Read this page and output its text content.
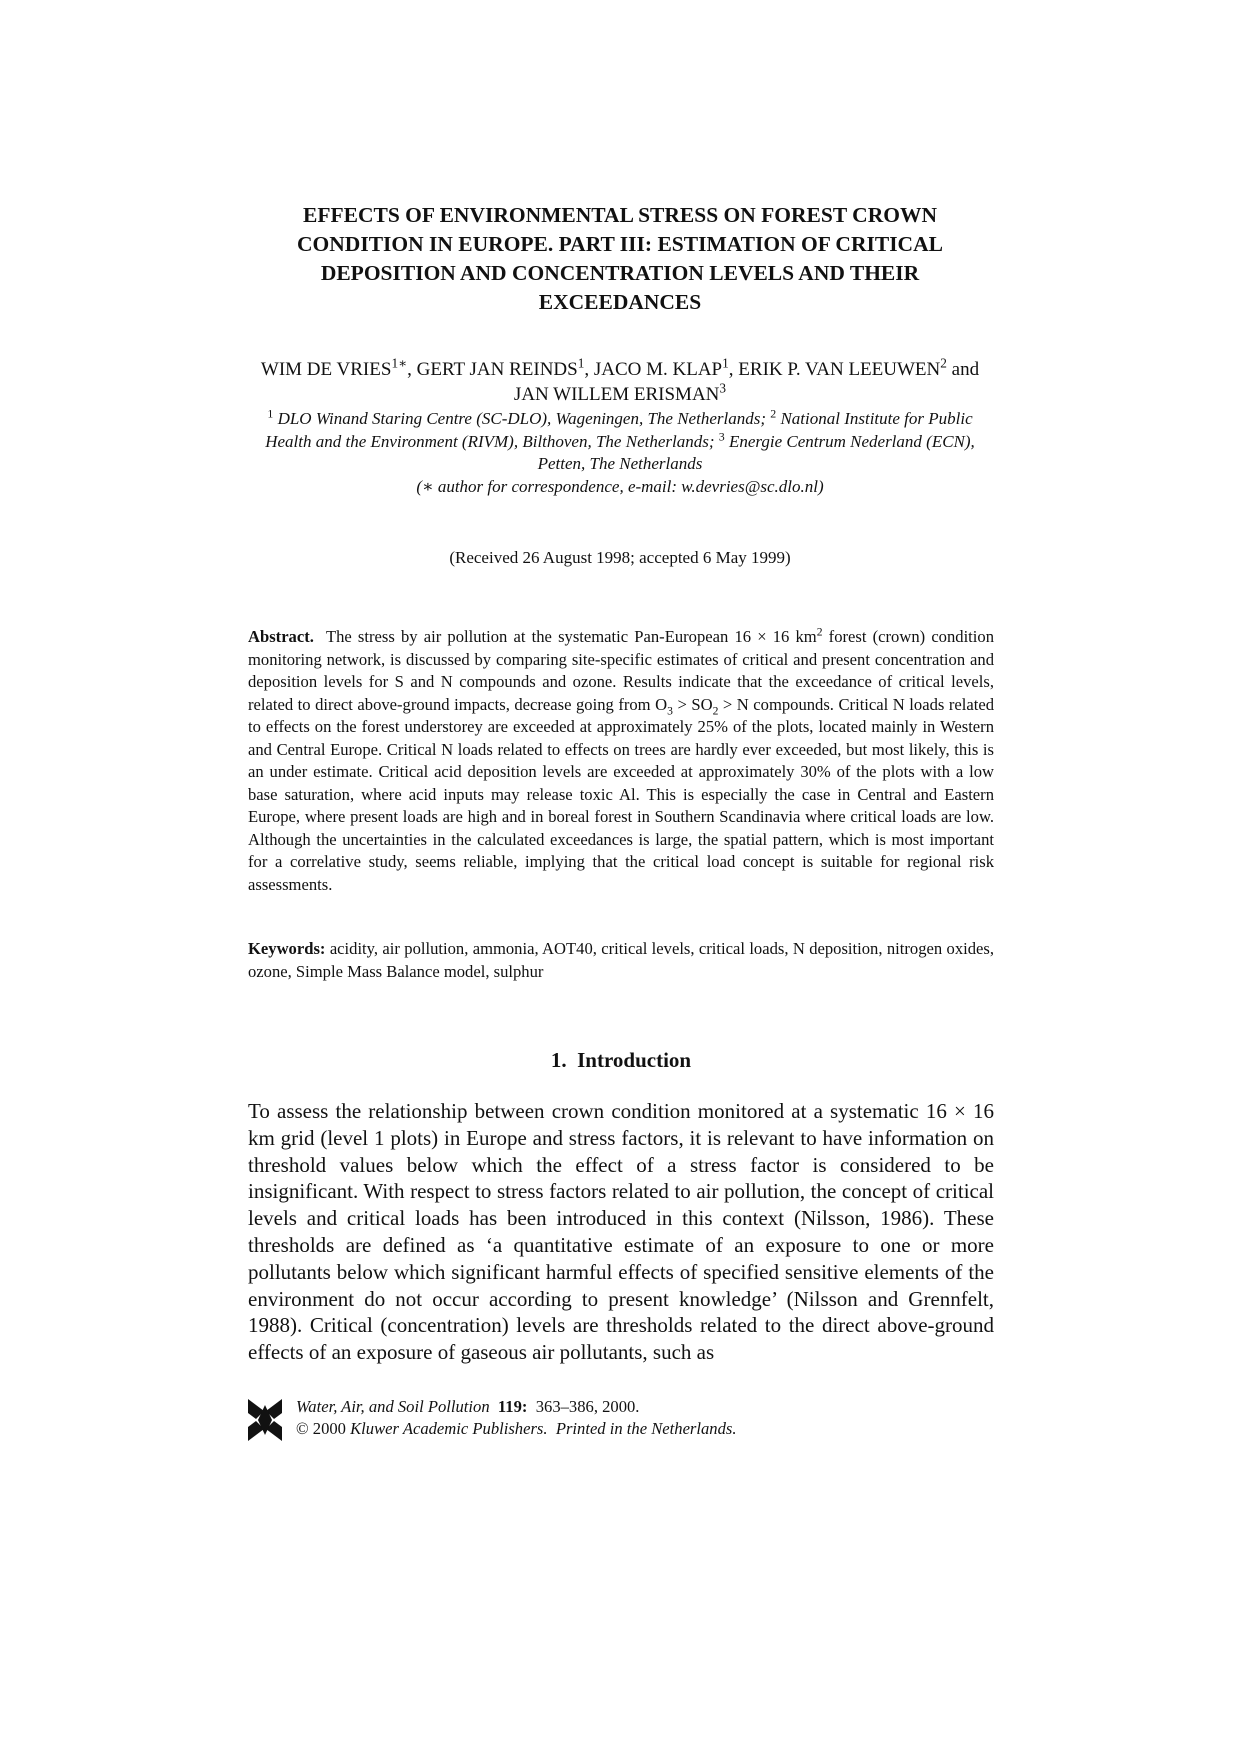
EFFECTS OF ENVIRONMENTAL STRESS ON FOREST CROWN CONDITION IN EUROPE. PART III: ESTIMATION OF CRITICAL DEPOSITION AND CONCENTRATION LEVELS AND THEIR EXCEEDANCES
WIM DE $VRIES^{1∗}$, GERT JAN REINDS$^1$, JACO M. KLAP$^1$, ERIK P. VAN LEEUWEN$^2$ and JAN WILLEM ERISMAN$^3$
$^1$ DLO Winand Staring Centre (SC-DLO), Wageningen, The Netherlands; $^2$ National Institute for Public Health and the Environment (RIVM), Bilthoven, The Netherlands; $^3$ Energie Centrum Nederland (ECN), Petten, The Netherlands
(∗ author for correspondence, e-mail: w.devries@sc.dlo.nl)
(Received 26 August 1998; accepted 6 May 1999)
Abstract. The stress by air pollution at the systematic Pan-European 16 × 16 $km^2$ forest (crown) condition monitoring network, is discussed by comparing site-specific estimates of critical and present concentration and deposition levels for S and N compounds and ozone. Results indicate that the exceedance of critical levels, related to direct above-ground impacts, decrease going from $O_3 > SO_2 > N$ compounds. Critical N loads related to effects on the forest understorey are exceeded at approximately 25% of the plots, located mainly in Western and Central Europe. Critical N loads related to effects on trees are hardly ever exceeded, but most likely, this is an under estimate. Critical acid deposition levels are exceeded at approximately 30% of the plots with a low base saturation, where acid inputs may release toxic Al. This is especially the case in Central and Eastern Europe, where present loads are high and in boreal forest in Southern Scandinavia where critical loads are low. Although the uncertainties in the calculated exceedances is large, the spatial pattern, which is most important for a correlative study, seems reliable, implying that the critical load concept is suitable for regional risk assessments.
Keywords: acidity, air pollution, ammonia, AOT40, critical levels, critical loads, N deposition, nitrogen oxides, ozone, Simple Mass Balance model, sulphur
1. Introduction
To assess the relationship between crown condition monitored at a systematic 16 × 16 km grid (level 1 plots) in Europe and stress factors, it is relevant to have information on threshold values below which the effect of a stress factor is considered to be insignificant. With respect to stress factors related to air pollution, the concept of critical levels and critical loads has been introduced in this context (Nilsson, 1986). These thresholds are defined as ‘a quantitative estimate of an exposure to one or more pollutants below which significant harmful effects of specified sensitive elements of the environment do not occur according to present knowledge’ (Nilsson and Grennfelt, 1988). Critical (concentration) levels are thresholds related to the direct above-ground effects of an exposure of gaseous air pollutants, such as
Water, Air, and Soil Pollution 119: 363–386, 2000.
© 2000 Kluwer Academic Publishers. Printed in the Netherlands.
